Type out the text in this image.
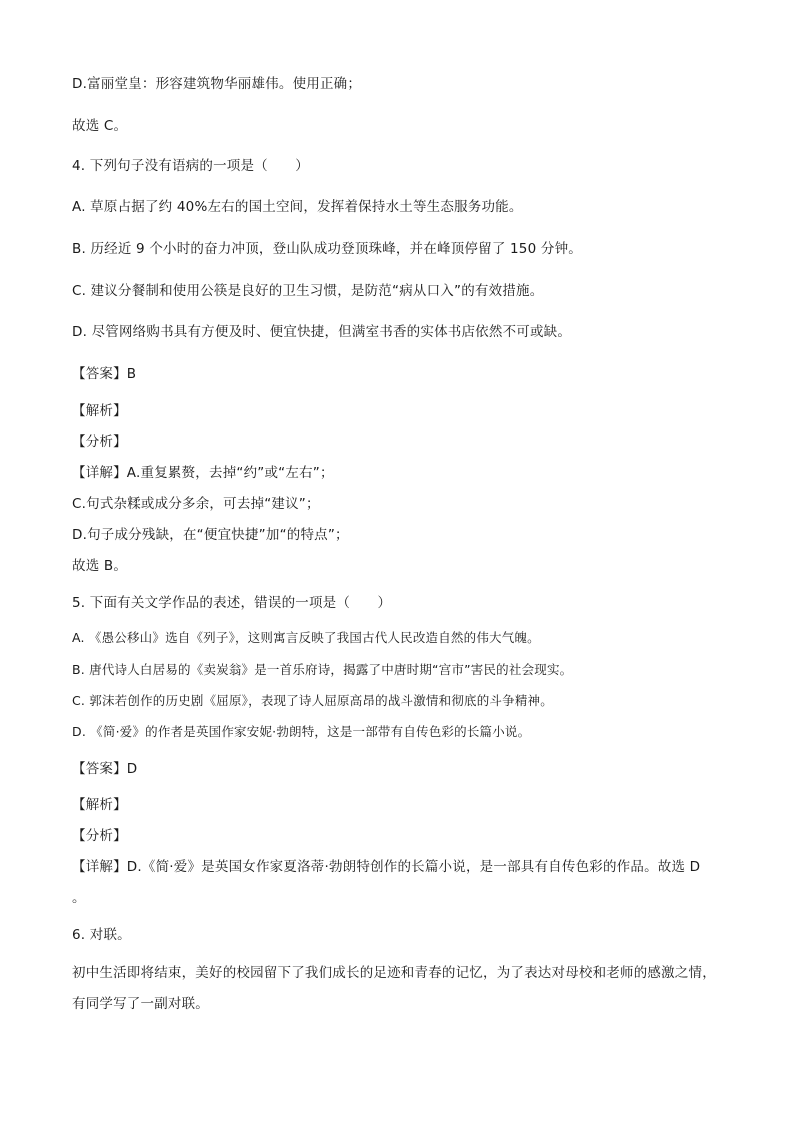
D.富丽堂皇：形容建筑物华丽雄伟。使用正确；
故选 C。
4. 下列句子没有语病的一项是（　　）
A. 草原占据了约 40%左右的国土空间，发挥着保持水土等生态服务功能。
B. 历经近 9 个小时的奋力冲顶，登山队成功登顶珠峰，并在峰顶停留了 150 分钟。
C. 建议分餐制和使用公筷是良好的卫生习惯，是防范“病从口入”的有效措施。
D. 尽管网络购书具有方便及时、便宜快捷，但满室书香的实体书店依然不可或缺。
【答案】B
【解析】
【分析】
【详解】A.重复累赘，去掉“约”或“左右”；
C.句式杂糅或成分多余，可去掉“建议”；
D.句子成分残缺，在“便宜快捷”加“的特点”；
故选 B。
5. 下面有关文学作品的表述，错误的一项是（　　）
A. 《愚公移山》选自《列子》，这则寓言反映了我国古代人民改造自然的伟大气魄。
B. 唐代诗人白居易的《卖炭翁》是一首乐府诗，揭露了中唐时期“宫市”害民的社会现实。
C. 郭沫若创作的历史剧《屈原》，表现了诗人屈原高昂的战斗激情和彻底的斗争精神。
D. 《简·爱》的作者是英国作家安妮·勃朗特，这是一部带有自传色彩的长篇小说。
【答案】D
【解析】
【分析】
【详解】D.《简·爱》是英国女作家夏洛蒂·勃朗特创作的长篇小说，是一部具有自传色彩的作品。故选 D
。
6. 对联。
初中生活即将结束，美好的校园留下了我们成长的足迹和青春的记忆，为了表达对母校和老师的感激之情，
有同学写了一副对联。
